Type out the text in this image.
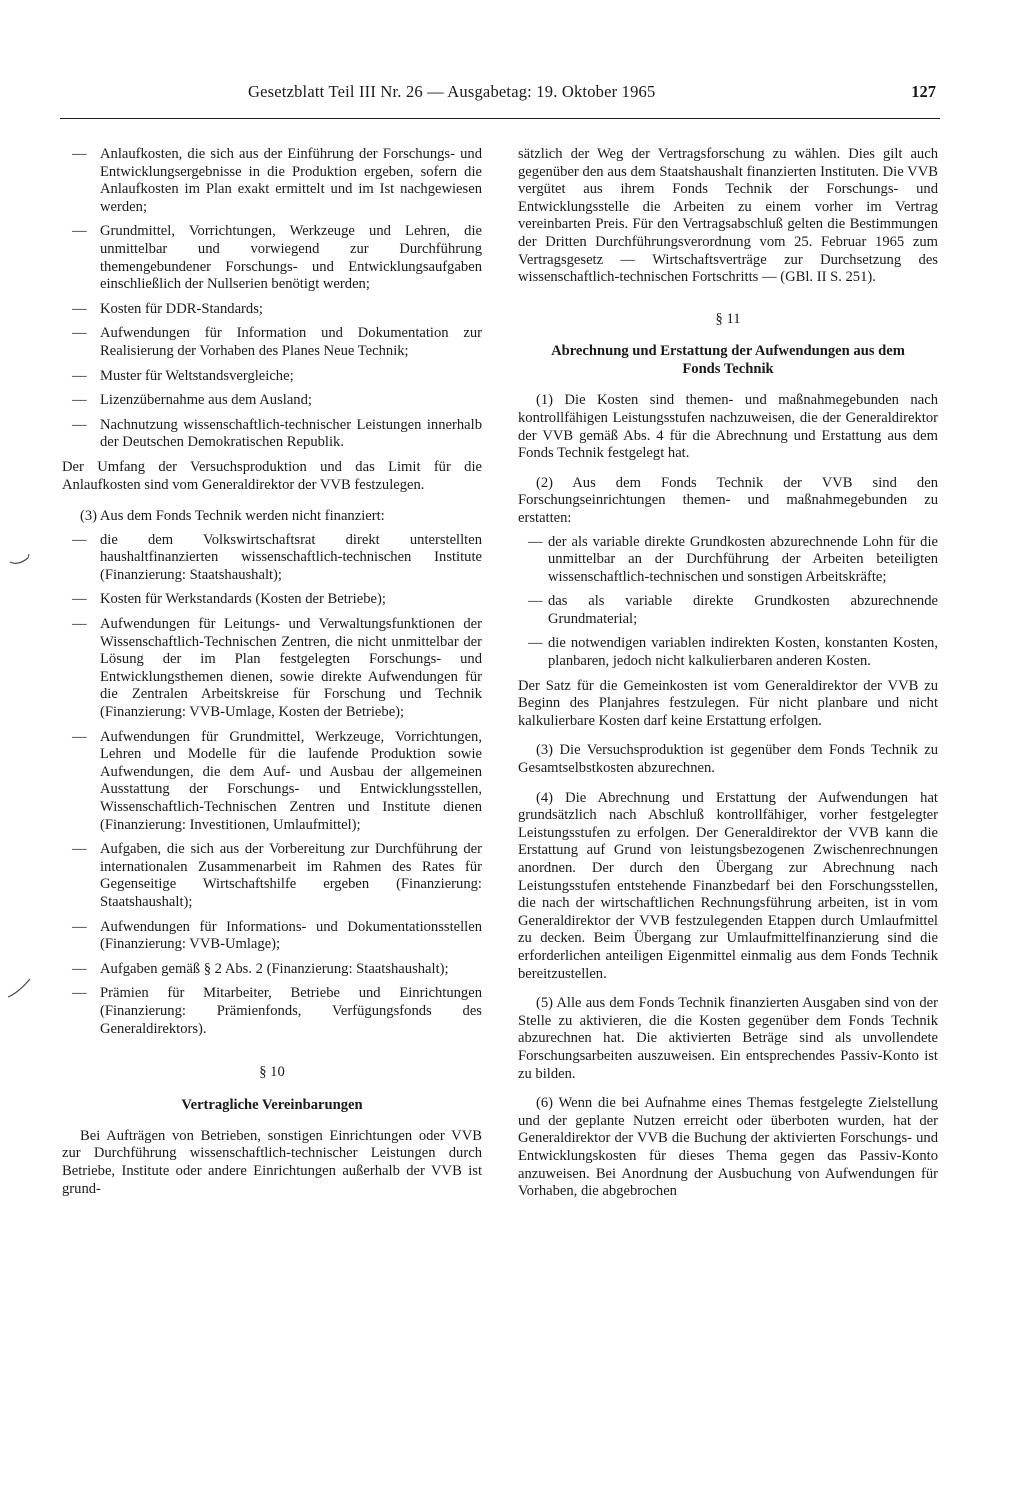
Gesetzblatt Teil III Nr. 26 — Ausgabetag: 19. Oktober 1965	127
— Anlaufkosten, die sich aus der Einführung der Forschungs- und Entwicklungsergebnisse in die Produktion ergeben, sofern die Anlaufkosten im Plan exakt ermittelt und im Ist nachgewiesen werden;
— Grundmittel, Vorrichtungen, Werkzeuge und Lehren, die unmittelbar und vorwiegend zur Durchführung themengebundener Forschungs- und Entwicklungsaufgaben einschließlich der Nullserien benötigt werden;
— Kosten für DDR-Standards;
— Aufwendungen für Information und Dokumentation zur Realisierung der Vorhaben des Planes Neue Technik;
— Muster für Weltstandsvergleiche;
— Lizenzübernahme aus dem Ausland;
— Nachnutzung wissenschaftlich-technischer Leistungen innerhalb der Deutschen Demokratischen Republik.

Der Umfang der Versuchsproduktion und das Limit für die Anlaufkosten sind vom Generaldirektor der VVB festzulegen.

(3) Aus dem Fonds Technik werden nicht finanziert:

— die dem Volkswirtschaftsrat direkt unterstellten haushaltfinanzierten wissenschaftlich-technischen Institute (Finanzierung: Staatshaushalt);
— Kosten für Werkstandards (Kosten der Betriebe);
— Aufwendungen für Leitungs- und Verwaltungsfunktionen der Wissenschaftlich-Technischen Zentren, die nicht unmittelbar der Lösung der im Plan festgelegten Forschungs- und Entwicklungsthemen dienen, sowie direkte Aufwendungen für die Zentralen Arbeitskreise für Forschung und Technik (Finanzierung: VVB-Umlage, Kosten der Betriebe);
— Aufwendungen für Grundmittel, Werkzeuge, Vorrichtungen, Lehren und Modelle für die laufende Produktion sowie Aufwendungen, die dem Auf- und Ausbau der allgemeinen Ausstattung der Forschungs- und Entwicklungsstellen, Wissenschaftlich-Technischen Zentren und Institute dienen (Finanzierung: Investitionen, Umlaufmittel);
— Aufgaben, die sich aus der Vorbereitung zur Durchführung der internationalen Zusammenarbeit im Rahmen des Rates für Gegenseitige Wirtschaftshilfe ergeben (Finanzierung: Staatshaushalt);
— Aufwendungen für Informations- und Dokumentationsstellen (Finanzierung: VVB-Umlage);
— Aufgaben gemäß § 2 Abs. 2 (Finanzierung: Staatshaushalt);
— Prämien für Mitarbeiter, Betriebe und Einrichtungen (Finanzierung: Prämienfonds, Verfügungsfonds des Generaldirektors).
§ 10
Vertragliche Vereinbarungen

Bei Aufträgen von Betrieben, sonstigen Einrichtungen oder VVB zur Durchführung wissenschaftlich-technischer Leistungen durch Betriebe, Institute oder andere Einrichtungen außerhalb der VVB ist grund-

sätzlich der Weg der Vertragsforschung zu wählen. Dies gilt auch gegenüber den aus dem Staatshaushalt finanzierten Instituten. Die VVB vergütet aus ihrem Fonds Technik der Forschungs- und Entwicklungsstelle die Arbeiten zu einem vorher im Vertrag vereinbarten Preis. Für den Vertragsabschluß gelten die Bestimmungen der Dritten Durchführungsverordnung vom 25. Februar 1965 zum Vertragsgesetz — Wirtschaftsverträge zur Durchsetzung des wissenschaftlich-technischen Fortschritts — (GBl. II S. 251).

§ 11
Abrechnung und Erstattung der Aufwendungen aus dem Fonds Technik

(1) Die Kosten sind themen- und maßnahmegebunden nach kontrollfähigen Leistungsstufen nachzuweisen, die der Generaldirektor der VVB gemäß Abs. 4 für die Abrechnung und Erstattung aus dem Fonds Technik festgelegt hat.

(2) Aus dem Fonds Technik der VVB sind den Forschungseinrichtungen themen- und maßnahmegebunden zu erstatten:

— der als variable direkte Grundkosten abzurechnende Lohn für die unmittelbar an der Durchführung der Arbeiten beteiligten wissenschaftlich-technischen und sonstigen Arbeitskräfte;
— das als variable direkte Grundkosten abzurechnende Grundmaterial;
— die notwendigen variablen indirekten Kosten, konstanten Kosten, planbaren, jedoch nicht kalkulierbaren anderen Kosten.

Der Satz für die Gemeinkosten ist vom Generaldirektor der VVB zu Beginn des Planjahres festzulegen. Für nicht planbare und nicht kalkulierbare Kosten darf keine Erstattung erfolgen.

(3) Die Versuchsproduktion ist gegenüber dem Fonds Technik zu Gesamtselbstkosten abzurechnen.

(4) Die Abrechnung und Erstattung der Aufwendungen hat grundsätzlich nach Abschluß kontrollfähiger, vorher festgelegter Leistungsstufen zu erfolgen. Der Generaldirektor der VVB kann die Erstattung auf Grund von leistungsbezogenen Zwischenrechnungen anordnen. Der durch den Übergang zur Abrechnung nach Leistungsstufen entstehende Finanzbedarf bei den Forschungsstellen, die nach der wirtschaftlichen Rechnungsführung arbeiten, ist in vom Generaldirektor der VVB festzulegenden Etappen durch Umlaufmittel zu decken. Beim Übergang zur Umlaufmittelfinanzierung sind die erforderlichen anteiligen Eigenmittel einmalig aus dem Fonds Technik bereitzustellen.

(5) Alle aus dem Fonds Technik finanzierten Ausgaben sind von der Stelle zu aktivieren, die die Kosten gegenüber dem Fonds Technik abzurechnen hat. Die aktivierten Beträge sind als unvollendete Forschungsarbeiten auszuweisen. Ein entsprechendes Passiv-Konto ist zu bilden.

(6) Wenn die bei Aufnahme eines Themas festgelegte Zielstellung und der geplante Nutzen erreicht oder überboten wurden, hat der Generaldirektor der VVB die Buchung der aktivierten Forschungs- und Entwicklungskosten für dieses Thema gegen das Passiv-Konto anzuweisen. Bei Anordnung der Ausbuchung von Aufwendungen für Vorhaben, die abgebrochen
